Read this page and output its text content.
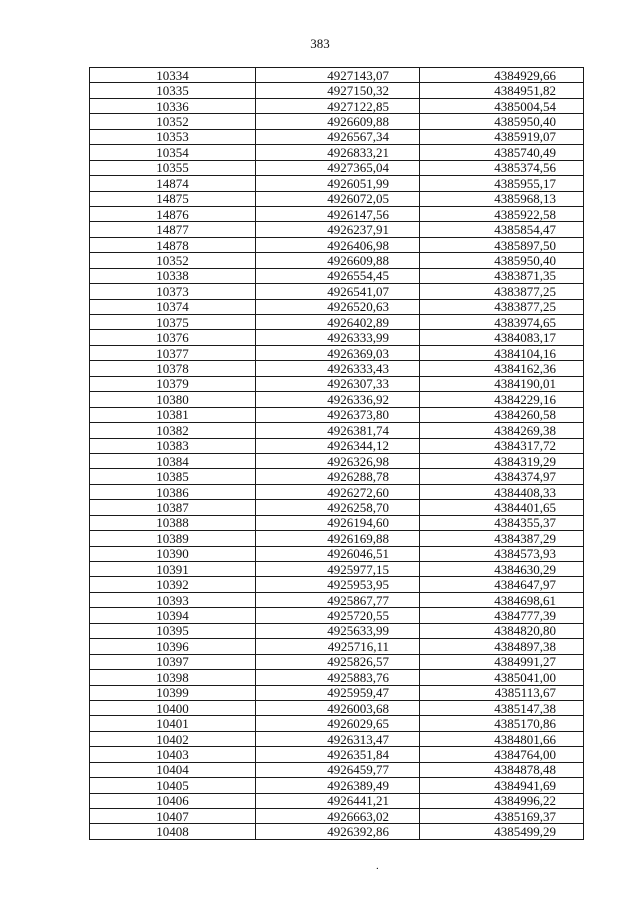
383
10334	4927143,07	4384929,66
10335	4927150,32	4384951,82
10336	4927122,85	4385004,54
10352	4926609,88	4385950,40
10353	4926567,34	4385919,07
10354	4926833,21	4385740,49
10355	4927365,04	4385374,56
14874	4926051,99	4385955,17
14875	4926072,05	4385968,13
14876	4926147,56	4385922,58
14877	4926237,91	4385854,47
14878	4926406,98	4385897,50
10352	4926609,88	4385950,40
10338	4926554,45	4383871,35
10373	4926541,07	4383877,25
10374	4926520,63	4383877,25
10375	4926402,89	4383974,65
10376	4926333,99	4384083,17
10377	4926369,03	4384104,16
10378	4926333,43	4384162,36
10379	4926307,33	4384190,01
10380	4926336,92	4384229,16
10381	4926373,80	4384260,58
10382	4926381,74	4384269,38
10383	4926344,12	4384317,72
10384	4926326,98	4384319,29
10385	4926288,78	4384374,97
10386	4926272,60	4384408,33
10387	4926258,70	4384401,65
10388	4926194,60	4384355,37
10389	4926169,88	4384387,29
10390	4926046,51	4384573,93
10391	4925977,15	4384630,29
10392	4925953,95	4384647,97
10393	4925867,77	4384698,61
10394	4925720,55	4384777,39
10395	4925633,99	4384820,80
10396	4925716,11	4384897,38
10397	4925826,57	4384991,27
10398	4925883,76	4385041,00
10399	4925959,47	4385113,67
10400	4926003,68	4385147,38
10401	4926029,65	4385170,86
10402	4926313,47	4384801,66
10403	4926351,84	4384764,00
10404	4926459,77	4384878,48
10405	4926389,49	4384941,69
10406	4926441,21	4384996,22
10407	4926663,02	4385169,37
10408	4926392,86	4385499,29
.
